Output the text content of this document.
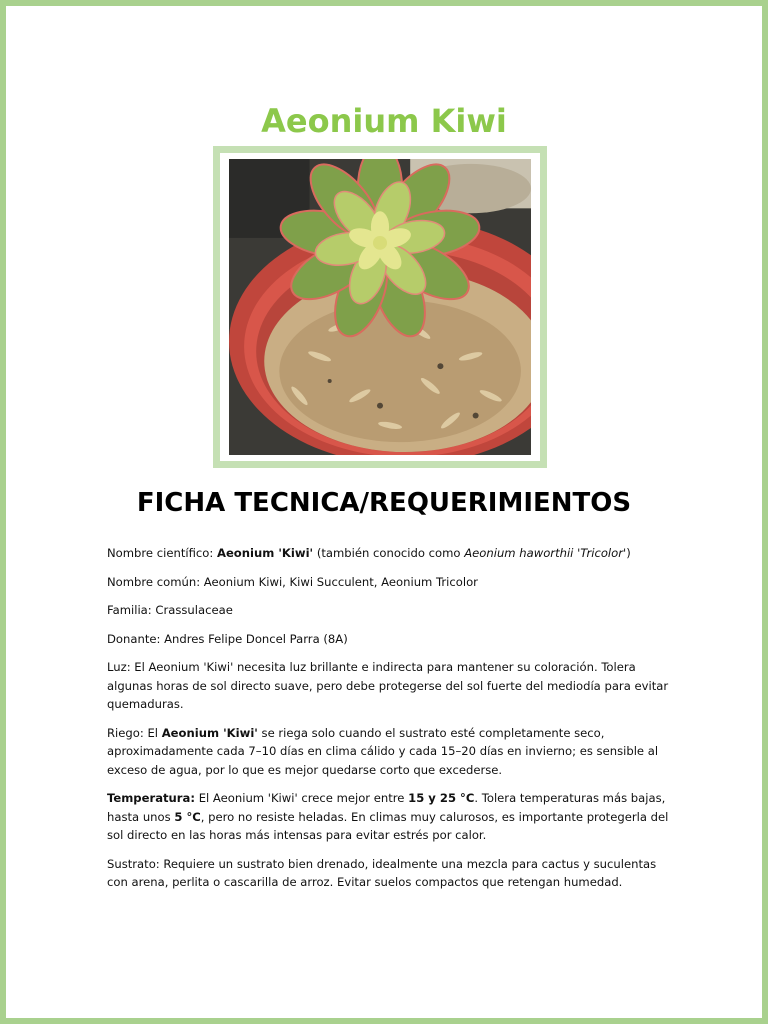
Aeonium Kiwi
FICHA TECNICA/REQUERIMIENTOS

Nombre científico: Aeonium 'Kiwi' (también conocido como Aeonium haworthii 'Tricolor')

Nombre común: Aeonium Kiwi, Kiwi Succulent, Aeonium Tricolor

Familia: Crassulaceae

Donante: Andres Felipe Doncel Parra (8A)

Luz: El Aeonium 'Kiwi' necesita luz brillante e indirecta para mantener su coloración. Tolera algunas horas de sol directo suave, pero debe protegerse del sol fuerte del mediodía para evitar quemaduras.

Riego: El Aeonium 'Kiwi' se riega solo cuando el sustrato esté completamente seco, aproximadamente cada 7–10 días en clima cálido y cada 15–20 días en invierno; es sensible al exceso de agua, por lo que es mejor quedarse corto que excederse.

Temperatura: El Aeonium 'Kiwi' crece mejor entre 15 y 25 °C. Tolera temperaturas más bajas, hasta unos 5 °C, pero no resiste heladas. En climas muy calurosos, es importante protegerla del sol directo en las horas más intensas para evitar estrés por calor.

Sustrato: Requiere un sustrato bien drenado, idealmente una mezcla para cactus y suculentas con arena, perlita o cascarilla de arroz. Evitar suelos compactos que retengan humedad.
